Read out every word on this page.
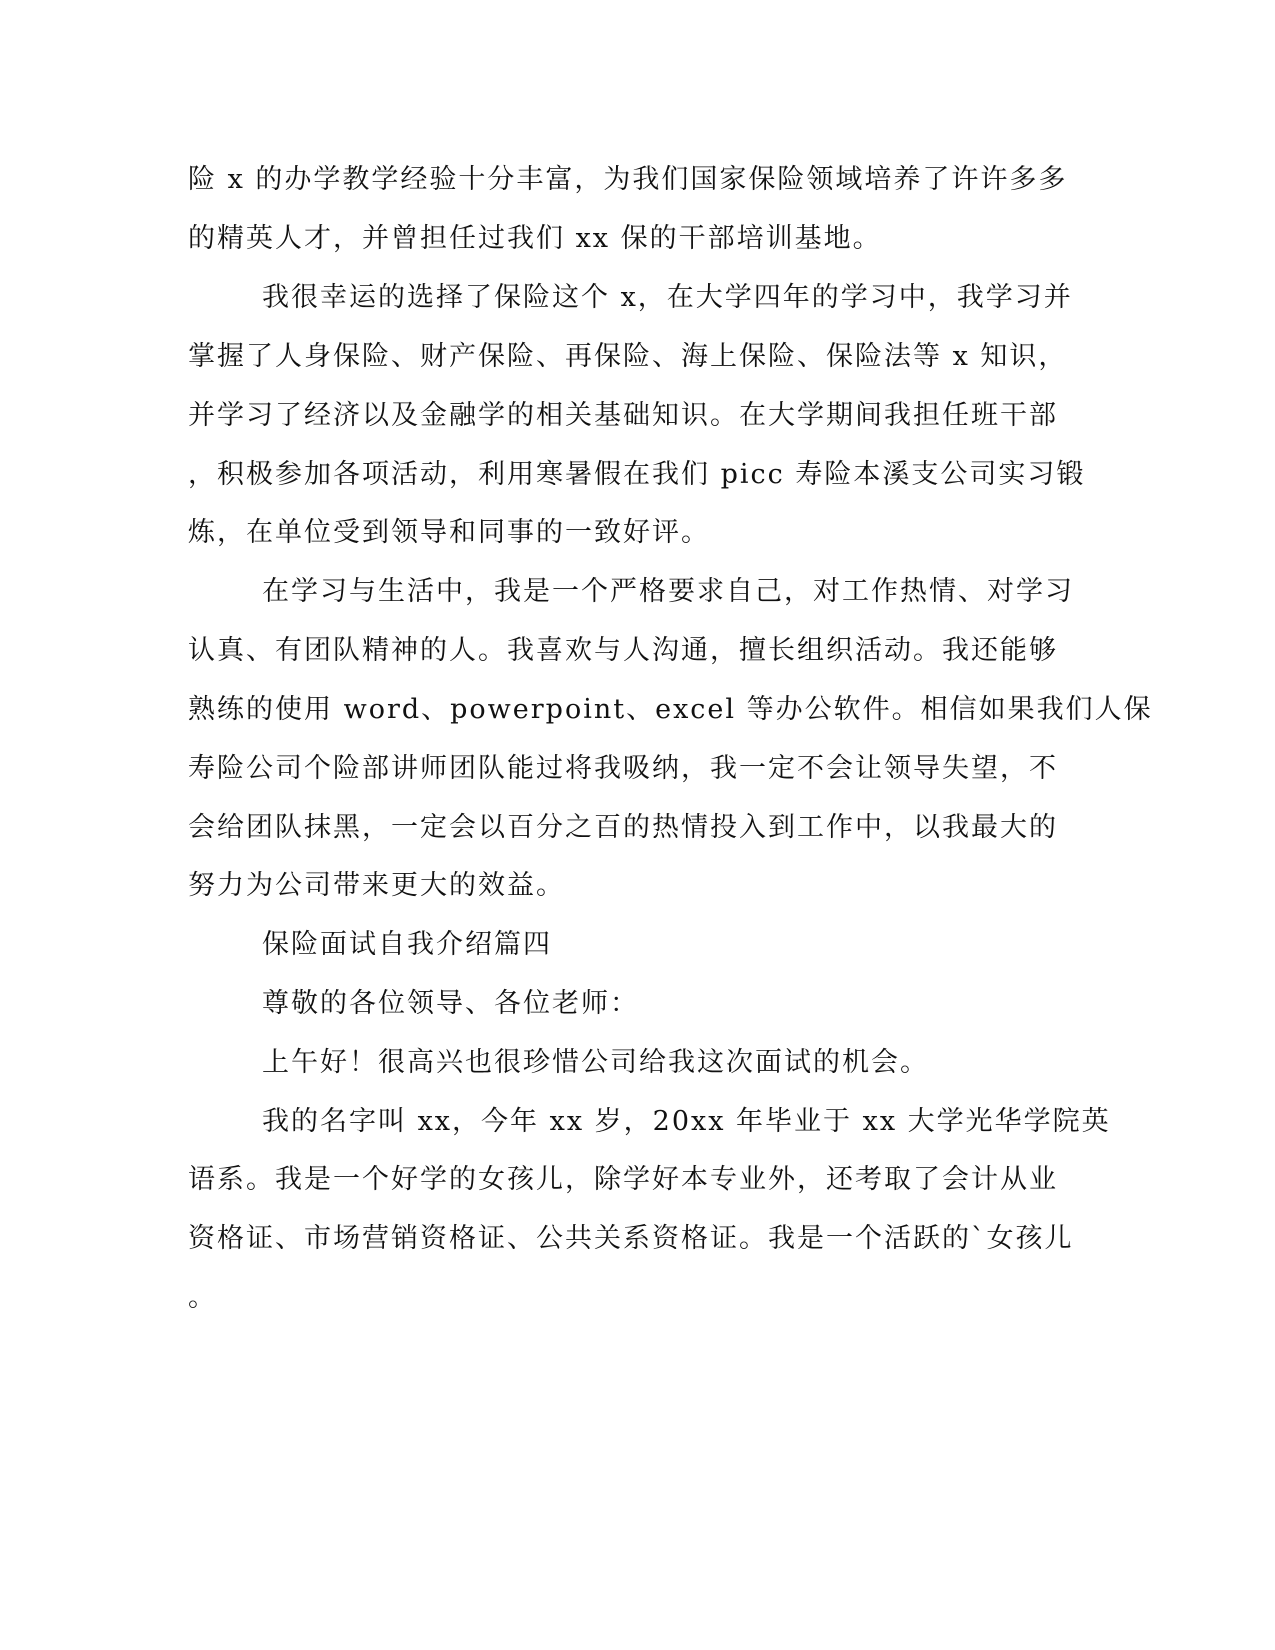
险 x 的办学教学经验十分丰富，为我们国家保险领域培养了许许多多
的精英人才，并曾担任过我们 xx 保的干部培训基地。
我很幸运的选择了保险这个 x，在大学四年的学习中，我学习并
掌握了人身保险、财产保险、再保险、海上保险、保险法等 x 知识，
并学习了经济以及金融学的相关基础知识。在大学期间我担任班干部
，积极参加各项活动，利用寒暑假在我们 picc 寿险本溪支公司实习锻
炼，在单位受到领导和同事的一致好评。
在学习与生活中，我是一个严格要求自己，对工作热情、对学习
认真、有团队精神的人。我喜欢与人沟通，擅长组织活动。我还能够
熟练的使用 word、powerpoint、excel 等办公软件。相信如果我们人保
寿险公司个险部讲师团队能过将我吸纳，我一定不会让领导失望，不
会给团队抹黑，一定会以百分之百的热情投入到工作中，以我最大的
努力为公司带来更大的效益。
保险面试自我介绍篇四
尊敬的各位领导、各位老师：
上午好！很高兴也很珍惜公司给我这次面试的机会。
我的名字叫 xx，今年 xx 岁，20xx 年毕业于 xx 大学光华学院英
语系。我是一个好学的女孩儿，除学好本专业外，还考取了会计从业
资格证、市场营销资格证、公共关系资格证。我是一个活跃的`女孩儿
。
